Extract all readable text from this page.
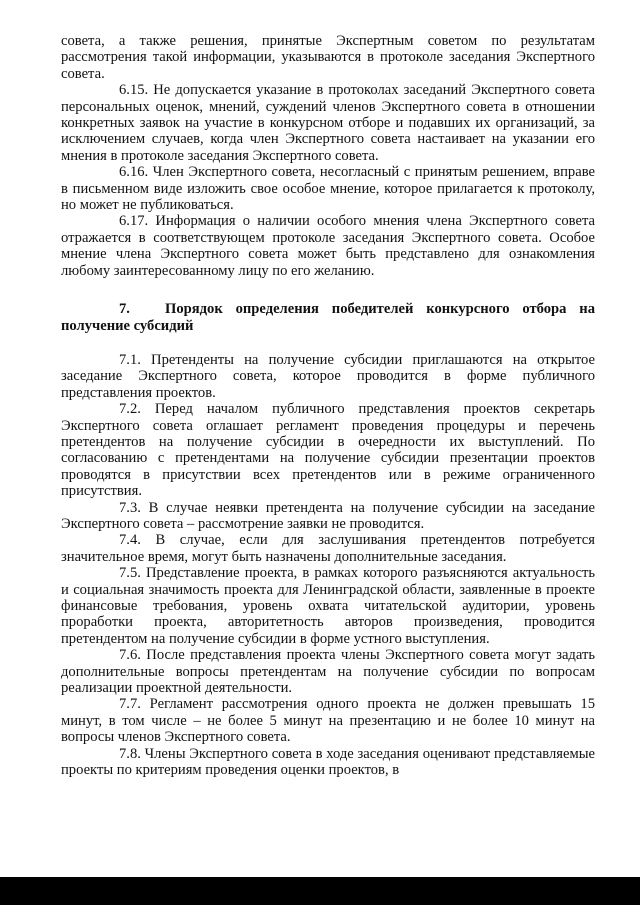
совета, а также решения, принятые Экспертным советом по результатам рассмотрения такой информации, указываются в протоколе заседания Экспертного совета.

6.15. Не допускается указание в протоколах заседаний Экспертного совета персональных оценок, мнений, суждений членов Экспертного совета в отношении конкретных заявок на участие в конкурсном отборе и подавших их организаций, за исключением случаев, когда член Экспертного совета настаивает на указании его мнения в протоколе заседания Экспертного совета.

6.16. Член Экспертного совета, несогласный с принятым решением, вправе в письменном виде изложить свое особое мнение, которое прилагается к протоколу, но может не публиковаться.

6.17. Информация о наличии особого мнения члена Экспертного совета отражается в соответствующем протоколе заседания Экспертного совета. Особое мнение члена Экспертного совета может быть представлено для ознакомления любому заинтересованному лицу по его желанию.

7. Порядок определения победителей конкурсного отбора на получение субсидий

7.1. Претенденты на получение субсидии приглашаются на открытое заседание Экспертного совета, которое проводится в форме публичного представления проектов.

7.2. Перед началом публичного представления проектов секретарь Экспертного совета оглашает регламент проведения процедуры и перечень претендентов на получение субсидии в очередности их выступлений. По согласованию с претендентами на получение субсидии презентации проектов проводятся в присутствии всех претендентов или в режиме ограниченного присутствия.

7.3. В случае неявки претендента на получение субсидии на заседание Экспертного совета – рассмотрение заявки не проводится.

7.4. В случае, если для заслушивания претендентов потребуется значительное время, могут быть назначены дополнительные заседания.

7.5. Представление проекта, в рамках которого разъясняются актуальность и социальная значимость проекта для Ленинградской области, заявленные в проекте финансовые требования, уровень охвата читательской аудитории, уровень проработки проекта, авторитетность авторов произведения, проводится претендентом на получение субсидии в форме устного выступления.

7.6. После представления проекта члены Экспертного совета могут задать дополнительные вопросы претендентам на получение субсидии по вопросам реализации проектной деятельности.

7.7. Регламент рассмотрения одного проекта не должен превышать 15 минут, в том числе – не более 5 минут на презентацию и не более 10 минут на вопросы членов Экспертного совета.

7.8. Члены Экспертного совета в ходе заседания оценивают представляемые проекты по критериям проведения оценки проектов, в
